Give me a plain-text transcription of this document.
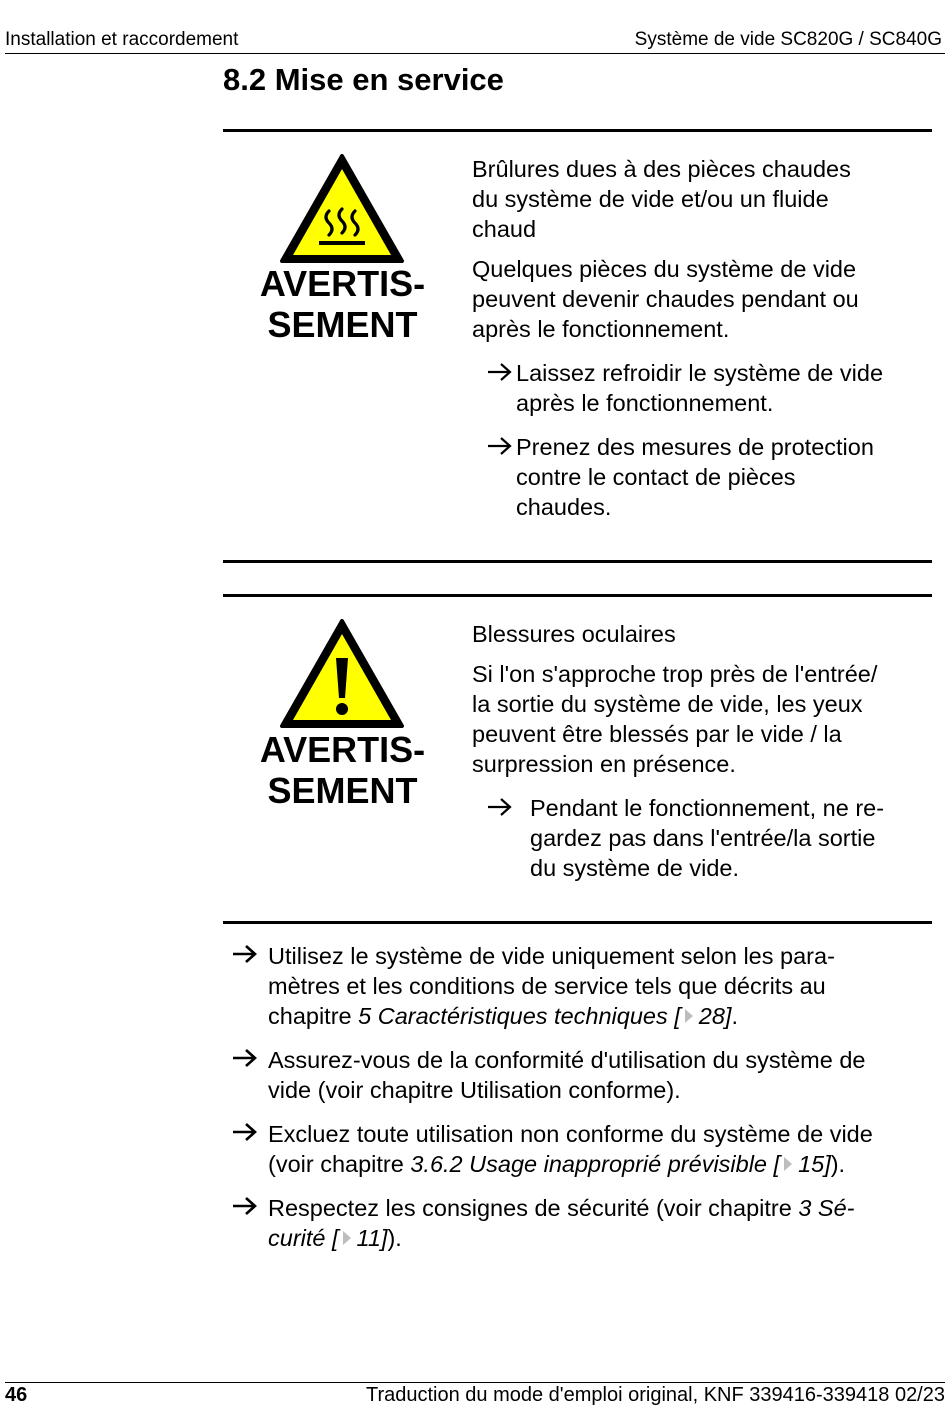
Installation et raccordement	Système de vide SC820G / SC840G
8.2 Mise en service
AVERTIS-
SEMENT
Brûlures dues à des pièces chaudes
du système de vide et/ou un fluide
chaud
Quelques pièces du système de vide
peuvent devenir chaudes pendant ou
après le fonctionnement.
Laissez refroidir le système de vide
après le fonctionnement.
Prenez des mesures de protection
contre le contact de pièces
chaudes.
AVERTIS-
SEMENT
Blessures oculaires
Si l'on s'approche trop près de l'entrée/
la sortie du système de vide, les yeux
peuvent être blessés par le vide / la
surpression en présence.
Pendant le fonctionnement, ne re-
gardez pas dans l'entrée/la sortie
du système de vide.
Utilisez le système de vide uniquement selon les para-
mètres et les conditions de service tels que décrits au
chapitre 5 Caractéristiques techniques [ 28].
Assurez-vous de la conformité d'utilisation du système de
vide (voir chapitre Utilisation conforme).
Excluez toute utilisation non conforme du système de vide
(voir chapitre 3.6.2 Usage inapproprié prévisible [ 15]).
Respectez les consignes de sécurité (voir chapitre 3 Sé-
curité [ 11]).
46	Traduction du mode d'emploi original, KNF 339416-339418 02/23
